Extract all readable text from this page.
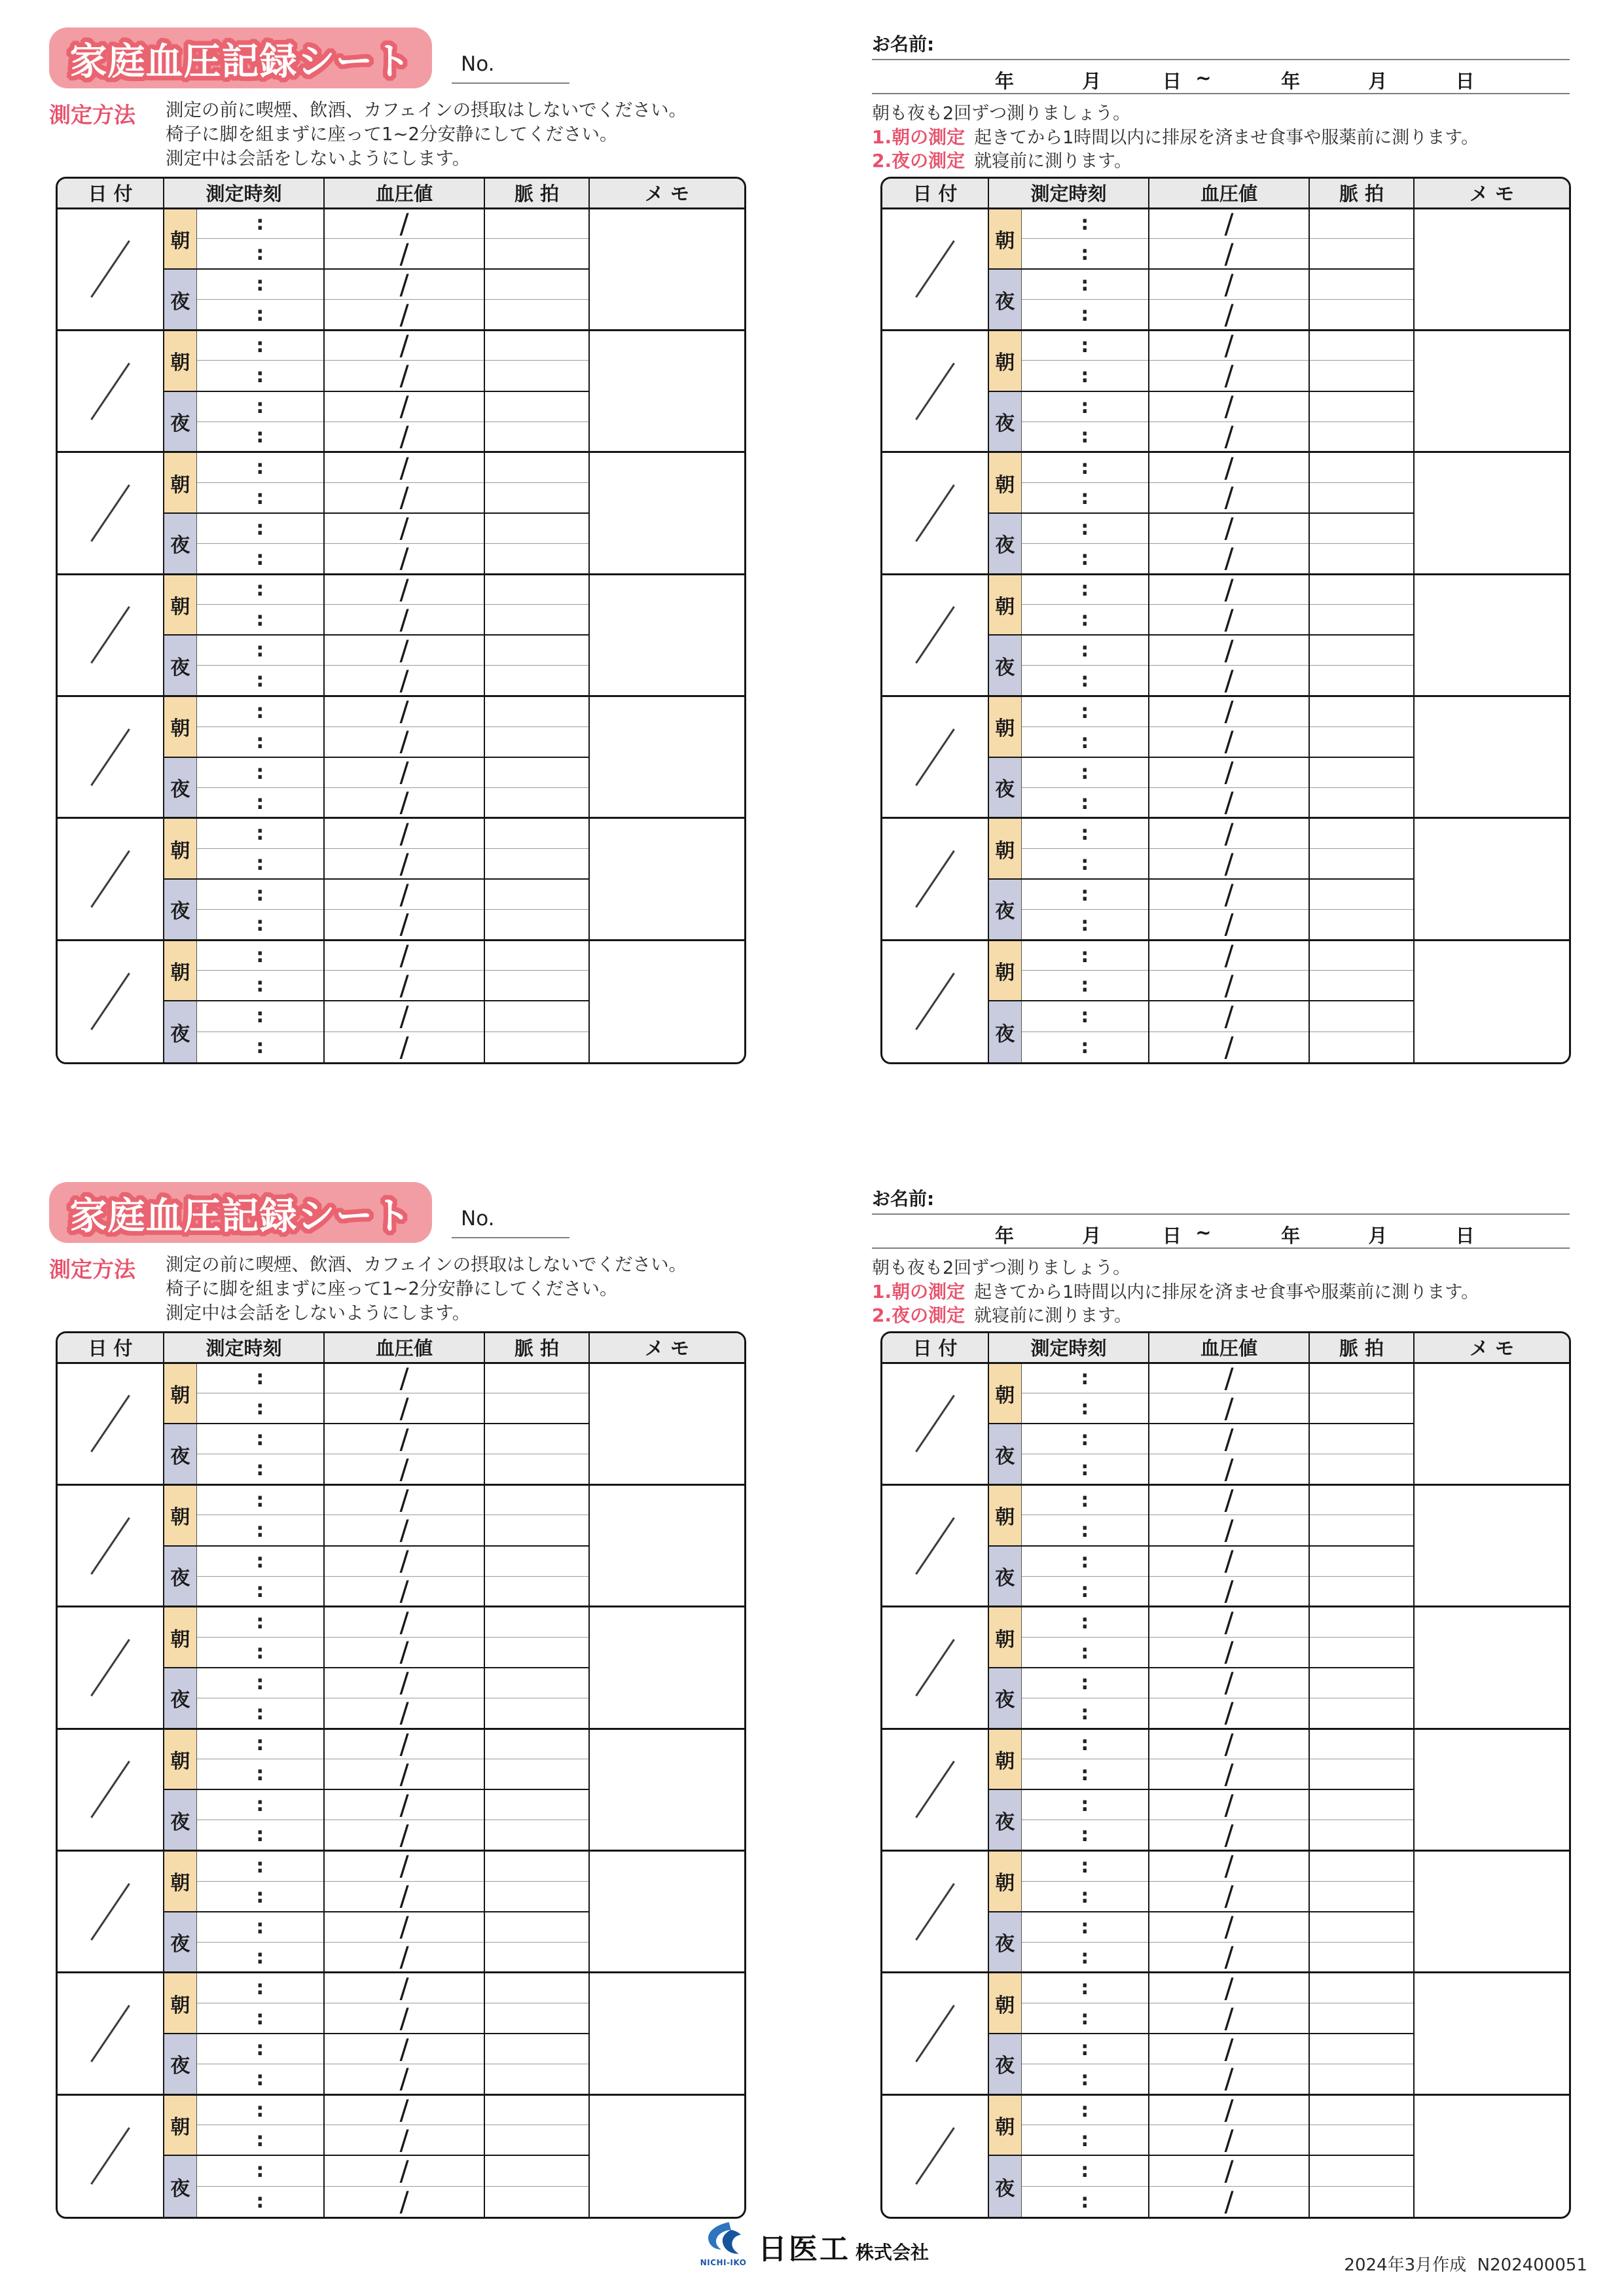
NICHI-IKO 日医工 株式会社
2024年3月作成  N202400051
家庭血圧記録シート	No.
測定方法	測定の前に喫煙、飲酒、カフェインの摂取はしないでください。
椅子に脚を組まずに座って1~2分安静にしてください。
測定中は会話をしないようにします。
お名前:
年	月	日 ~	年	月	日
朝も夜も2回ずつ測りましょう。
1.朝の測定 起きてから1時間以内に排尿を済ませ食事や服薬前に測ります。
2.夜の測定 就寝前に測ります。
日 付	測定時刻		血圧値	脈 拍	メ モ

	朝	:	/		
		:	/		
	夜	:	/		
		:	/		

	朝	:	/		
		:	/		
	夜	:	/		
		:	/		

	朝	:	/		
		:	/		
	夜	:	/		
		:	/		

	朝	:	/		
		:	/		
	夜	:	/		
		:	/		

	朝	:	/		
		:	/		
	夜	:	/		
		:	/		

	朝	:	/		
		:	/		
	夜	:	/		
		:	/		

	朝	:	/		
		:	/		
	夜	:	/		
		:	/		
日 付	測定時刻		血圧値	脈 拍	メ モ

	朝	:	/		
		:	/		
	夜	:	/		
		:	/		

	朝	:	/		
		:	/		
	夜	:	/		
		:	/		

	朝	:	/		
		:	/		
	夜	:	/		
		:	/		

	朝	:	/		
		:	/		
	夜	:	/		
		:	/		

	朝	:	/		
		:	/		
	夜	:	/		
		:	/		

	朝	:	/		
		:	/		
	夜	:	/		
		:	/		

	朝	:	/		
		:	/		
	夜	:	/		
		:	/		
家庭血圧記録シート	No.
測定方法	測定の前に喫煙、飲酒、カフェインの摂取はしないでください。
椅子に脚を組まずに座って1~2分安静にしてください。
測定中は会話をしないようにします。
お名前:
年	月	日 ~	年	月	日
朝も夜も2回ずつ測りましょう。
1.朝の測定 起きてから1時間以内に排尿を済ませ食事や服薬前に測ります。
2.夜の測定 就寝前に測ります。
日 付	測定時刻		血圧値	脈 拍	メ モ

	朝	:	/		
		:	/		
	夜	:	/		
		:	/		

	朝	:	/		
		:	/		
	夜	:	/		
		:	/		

	朝	:	/		
		:	/		
	夜	:	/		
		:	/		

	朝	:	/		
		:	/		
	夜	:	/		
		:	/		

	朝	:	/		
		:	/		
	夜	:	/		
		:	/		

	朝	:	/		
		:	/		
	夜	:	/		
		:	/		

	朝	:	/		
		:	/		
	夜	:	/		
		:	/		
日 付	測定時刻		血圧値	脈 拍	メ モ

	朝	:	/		
		:	/		
	夜	:	/		
		:	/		

	朝	:	/		
		:	/		
	夜	:	/		
		:	/		

	朝	:	/		
		:	/		
	夜	:	/		
		:	/		

	朝	:	/		
		:	/		
	夜	:	/		
		:	/		

	朝	:	/		
		:	/		
	夜	:	/		
		:	/		

	朝	:	/		
		:	/		
	夜	:	/		
		:	/		

	朝	:	/		
		:	/		
	夜	:	/		
		:	/		
